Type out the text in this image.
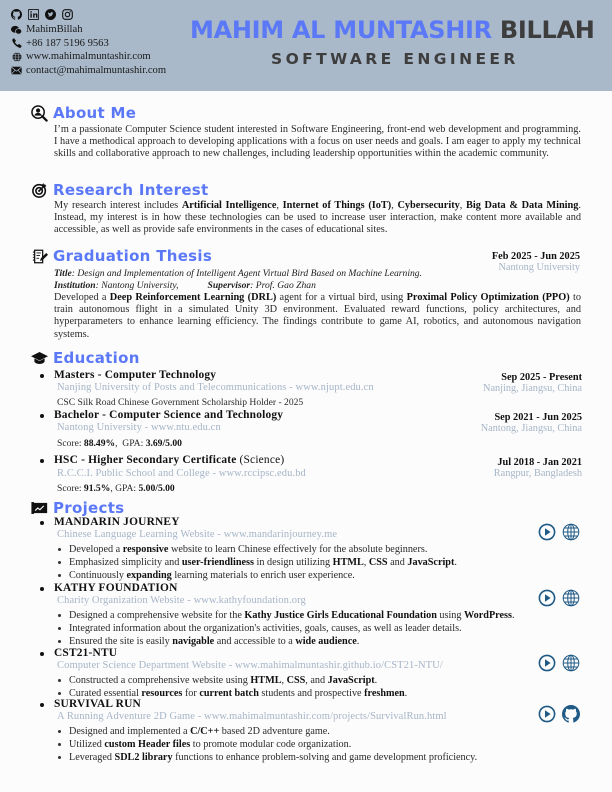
MahimBillah
+86 187 5196 9563
www.mahimalmuntashir.com
contact@mahimalmuntashir.com
MAHIM AL MUNTASHIR BILLAH
SOFTWARE ENGINEER
About Me

I’m a passionate Computer Science student interested in Software Engineering, front-end web development and programming. I have a methodical approach to developing applications with a focus on user needs and goals. I am eager to apply my technical skills and collaborative approach to new challenges, including leadership opportunities within the academic community.

Research Interest

My research interest includes Artificial Intelligence, Internet of Things (IoT), Cybersecurity, Big Data & Data Mining. Instead, my interest is in how these technologies can be used to increase user interaction, make content more available and accessible, as well as provide safe environments in the cases of educational sites.

Graduation Thesis	Feb 2025 - Jun 2025
Nantong University
Title: Design and Implementation of Intelligent Agent Virtual Bird Based on Machine Learning.
Institution: Nantong University,	Supervisor: Prof. Gao Zhan

Developed a Deep Reinforcement Learning (DRL) agent for a virtual bird, using Proximal Policy Optimization (PPO) to train autonomous flight in a simulated Unity 3D environment. Evaluated reward functions, policy architectures, and hyperparameters to enhance learning efficiency. The findings contribute to game AI, robotics, and autonomous navigation systems.

Education
Masters - Computer Technology
Nanjing University of Posts and Telecommunications - www.njupt.edu.cn
CSC Silk Road Chinese Government Scholarship Holder - 2025
Sep 2025 - Present
Nanjing, Jiangsu, China
Bachelor - Computer Science and Technology
Nantong University - www.ntu.edu.cn
Score: 88.49%,  GPA: 3.69/5.00
Sep 2021 - Jun 2025
Nantong, Jiangsu, China
HSC - Higher Secondary Certificate (Science)
R.C.C.I. Public School and College - www.rccipsc.edu.bd
Score: 91.5%, GPA: 5.00/5.00
Jul 2018 - Jan 2021
Rangpur, Bangladesh
Projects
MANDARIN JOURNEY
Chinese Language Learning Website - www.mandarinjourney.me
Developed a responsive website to learn Chinese effectively for the absolute beginners.
Emphasized simplicity and user-friendliness in design utilizing HTML, CSS and JavaScript.
Continuously expanding learning materials to enrich user experience.
KATHY FOUNDATION
Charity Organization Website - www.kathyfoundation.org
Designed a comprehensive website for the Kathy Justice Girls Educational Foundation using WordPress.
Integrated information about the organization's activities, goals, causes, as well as leader details.
Ensured the site is easily navigable and accessible to a wide audience.
CST21-NTU
Computer Science Department Website - www.mahimalmuntashir.github.io/CST21-NTU/
Constructed a comprehensive website using HTML, CSS, and JavaScript.
Curated essential resources for current batch students and prospective freshmen.
SURVIVAL RUN
A Running Adventure 2D Game - www.mahimalmuntashir.com/projects/SurvivalRun.html
Designed and implemented a C/C++ based 2D adventure game.
Utilized custom Header files to promote modular code organization.
Leveraged SDL2 library functions to enhance problem-solving and game development proficiency.
